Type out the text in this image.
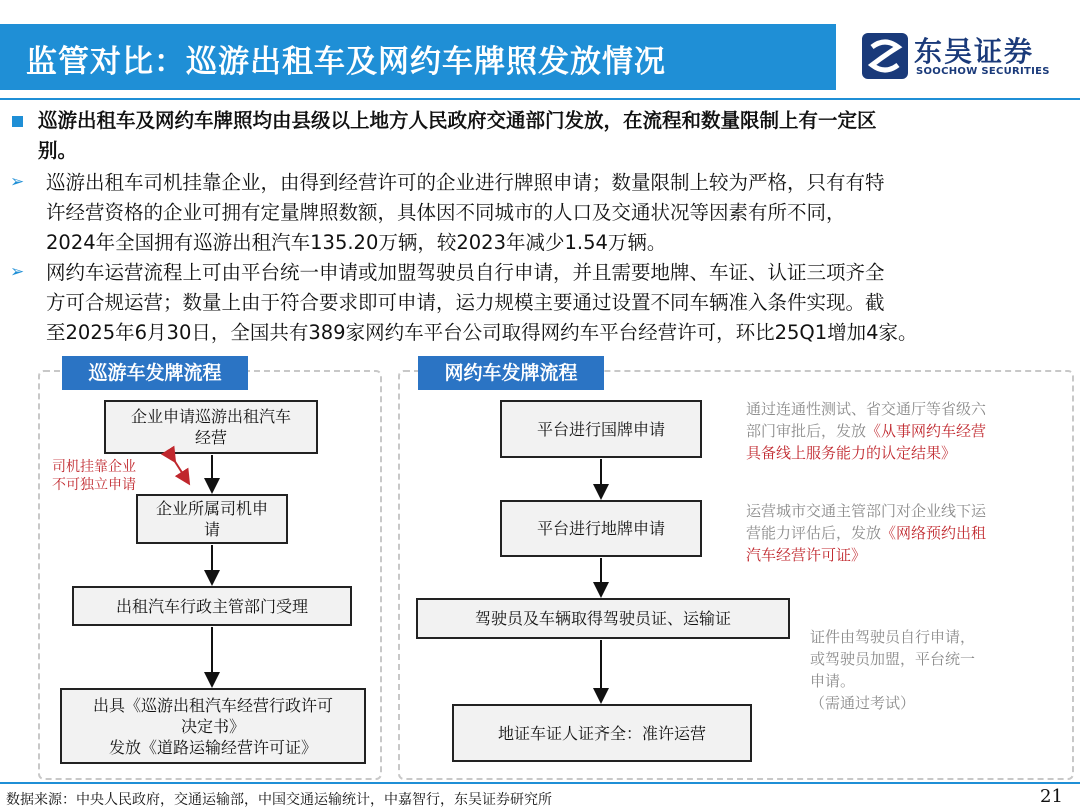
监管对比：巡游出租车及网约车牌照发放情况	东吴证券
SOOCHOW SECURITIES
巡游出租车及网约车牌照均由县级以上地方人民政府交通部门发放，在流程和数量限制上有一定区
别。
➢ 巡游出租车司机挂靠企业，由得到经营许可的企业进行牌照申请；数量限制上较为严格，只有有特
许经营资格的企业可拥有定量牌照数额，具体因不同城市的人口及交通状况等因素有所不同，
2024年全国拥有巡游出租汽车135.20万辆，较2023年减少1.54万辆。
➢ 网约车运营流程上可由平台统一申请或加盟驾驶员自行申请，并且需要地牌、车证、认证三项齐全
方可合规运营；数量上由于符合要求即可申请，运力规模主要通过设置不同车辆准入条件实现。截
至2025年6月30日，全国共有389家网约车平台公司取得网约车平台经营许可，环比25Q1增加4家。
巡游车发牌流程
企业申请巡游出租汽车
经营
企业所属司机申
请
出租汽车行政主管部门受理
出具《巡游出租汽车经营行政许可
决定书》
发放《道路运输经营许可证》
司机挂靠企业
不可独立申请
网约车发牌流程
平台进行国牌申请
平台进行地牌申请
驾驶员及车辆取得驾驶员证、运输证
地证车证人证齐全：准许运营
通过连通性测试、省交通厅等省级六
部门审批后，发放《从事网约车经营
具备线上服务能力的认定结果》
运营城市交通主管部门对企业线下运
营能力评估后，发放《网络预约出租
汽车经营许可证》
证件由驾驶员自行申请，
或驾驶员加盟，平台统一
申请。
（需通过考试）
数据来源：中央人民政府，交通运输部，中国交通运输统计，中嘉智行，东吴证券研究所	21
